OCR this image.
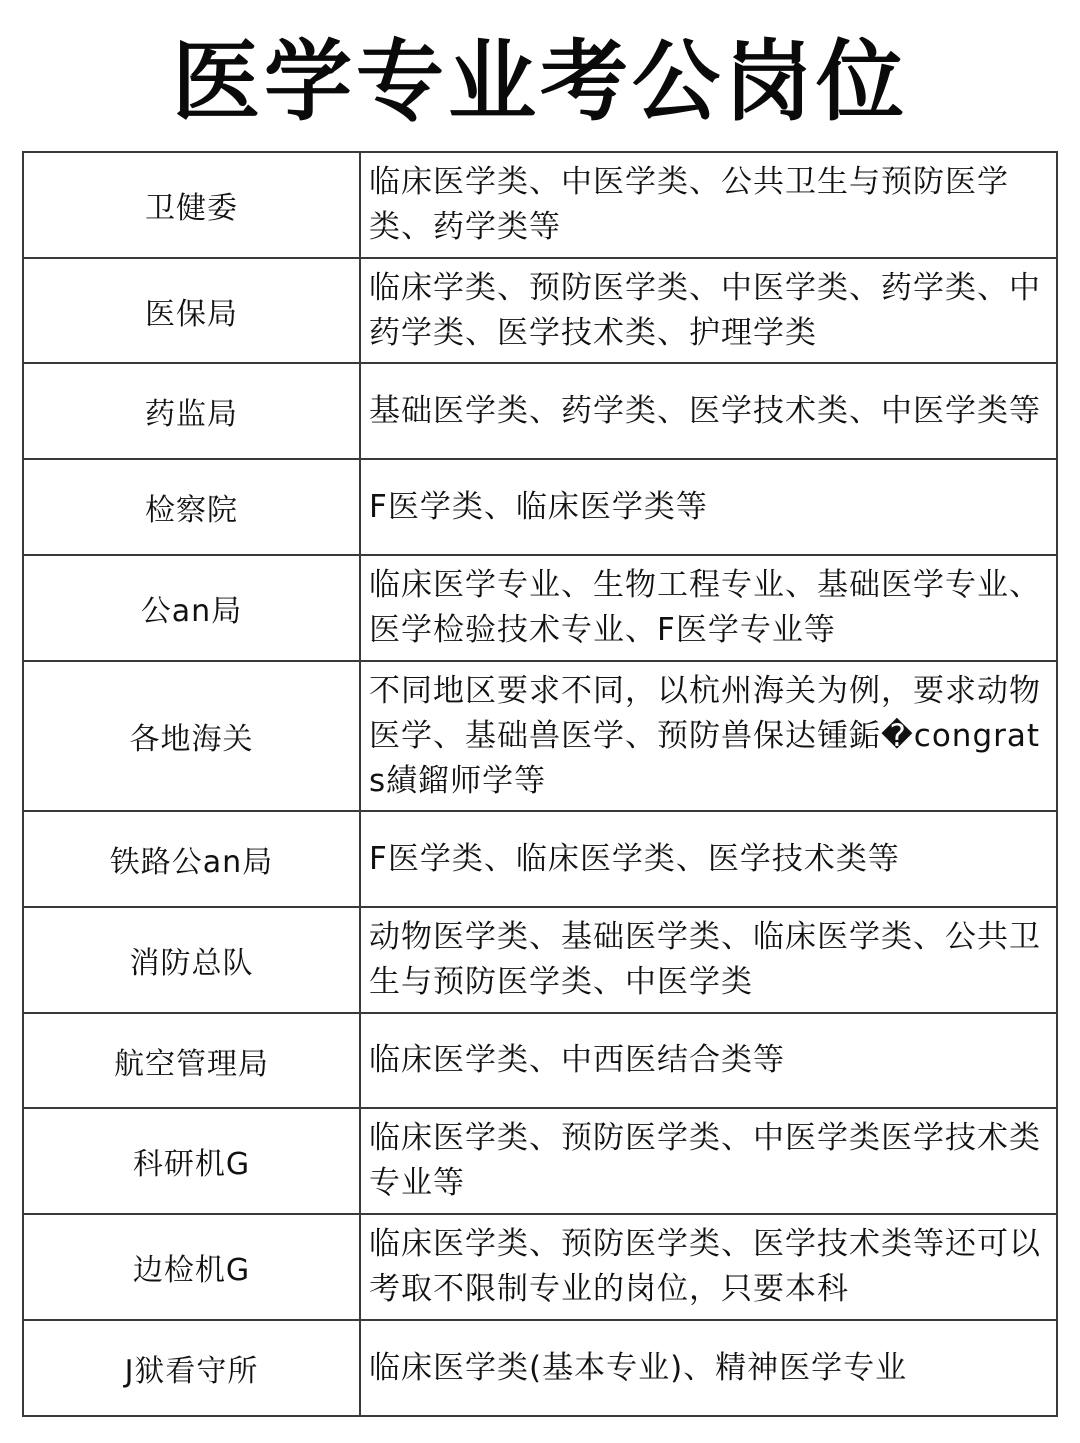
医学专业考公岗位
卫健委	临床医学类、中医学类、公共卫生与预防医学类、药学类等
医保局	临床学类、预防医学类、中医学类、药学类、中药学类、医学技术类、护理学类
药监局	基础医学类、药学类、医学技术类、中医学类等
检察院	F医学类、临床医学类等
公an局	临床医学专业、生物工程专业、基础医学专业、医学检验技术专业、F医学专业等
各地海关	不同地区要求不同，以杭州海关为例，要求动物医学、基础兽医学、预防兽保达锺銗�congrats績鎦师学等
铁路公an局	F医学类、临床医学类、医学技术类等
消防总队	动物医学类、基础医学类、临床医学类、公共卫生与预防医学类、中医学类
航空管理局	临床医学类、中西医结合类等
科研机G	临床医学类、预防医学类、中医学类医学技术类专业等
边检机G	临床医学类、预防医学类、医学技术类等还可以考取不限制专业的岗位，只要本科
J狱看守所	临床医学类(基本专业)、精神医学专业
